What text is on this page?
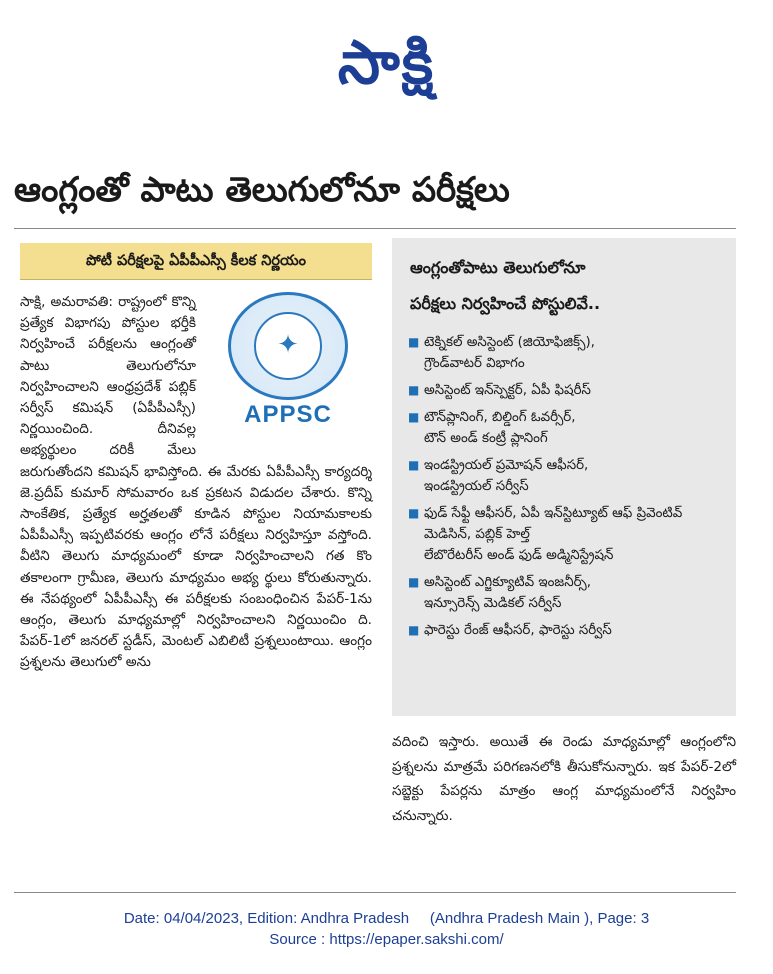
సాక్షి
ఆంగ్లంతో పాటు తెలుగులోనూ పరీక్షలు
పోటీ పరీక్షలపై ఏపీపీఎస్సీ కీలక నిర్ణయం
✦
APPSC
సాక్షి, అమరావతి: రాష్ట్రంలో కొన్ని ప్రత్యేక విభాగపు పోస్టుల భర్తీకి నిర్వహించే పరీక్షలను ఆంగ్లంతో పాటు తెలుగులోనూ నిర్వహించాలని ఆంధ్రప్రదేశ్ పబ్లిక్ సర్వీస్ కమిషన్ (ఏపీపీఎస్సీ) నిర్ణయించింది. దీనివల్ల అభ్యర్థులం దరికీ మేలు జరుగుతోందని కమిషన్ భావిస్తోంది. ఈ మేరకు ఏపీపీఎస్సీ కార్యదర్శి జె.ప్రదీప్ కుమార్ సోమవారం ఒక ప్రకటన విడుదల చేశారు. కొన్ని సాంకేతిక, ప్రత్యేక అర్హతలతో కూడిన పోస్టుల నియామకాలకు ఏపీపీఎస్సీ ఇప్పటివరకు ఆంగ్లం లోనే పరీక్షలు నిర్వహిస్తూ వస్తోంది. వీటిని తెలుగు మాధ్యమంలో కూడా నిర్వహించాలని గత కొం తకాలంగా గ్రామీణ, తెలుగు మాధ్యమం అభ్య ర్థులు కోరుతున్నారు. ఈ నేపథ్యంలో ఏపీపీఎస్సీ ఈ పరీక్షలకు సంబంధించిన పేపర్-1ను ఆంగ్లం, తెలుగు మాధ్యమాల్లో నిర్వహించాలని నిర్ణయించిం ది. పేపర్-1లో జనరల్ స్టడీస్, మెంటల్ ఎబిలిటీ ప్రశ్నలుంటాయి. ఆంగ్లం ప్రశ్నలను తెలుగులో అను
ఆంగ్లంతోపాటు తెలుగులోనూ
పరీక్షలు నిర్వహించే పోస్టులివే..
■ టెక్నికల్ అసిస్టెంట్ (జియోఫిజిక్స్),
గ్రౌండ్‌వాటర్ విభాగం
■ అసిస్టెంట్ ఇన్‌స్పెక్టర్, ఏపీ ఫిషరీస్
■ టౌన్‌ప్లానింగ్, బిల్డింగ్ ఓవర్సీర్,
టౌన్ అండ్ కంట్రీ ప్లానింగ్
■ ఇండస్ట్రియల్ ప్రమోషన్ ఆఫీసర్,
ఇండస్ట్రియల్ సర్వీస్
■ ఫుడ్ సేఫ్టీ ఆఫీసర్, ఏపీ ఇన్‌స్టిట్యూట్ ఆఫ్ ప్రివెంటివ్ మెడిసిన్, పబ్లిక్ హెల్త్
లేబొరేటరీస్ అండ్ ఫుడ్ అడ్మినిస్ట్రేషన్
■ అసిస్టెంట్ ఎగ్జిక్యూటివ్ ఇంజనీర్స్,
ఇన్సూరెన్స్ మెడికల్ సర్వీస్
■ ఫారెస్టు రేంజ్ ఆఫీసర్, ఫారెస్టు సర్వీస్
వదించి ఇస్తారు. అయితే ఈ రెండు మాధ్యమాల్లో ఆంగ్లంలోని ప్రశ్నలను మాత్రమే పరిగణనలోకి తీసుకోనున్నారు. ఇక పేపర్-2లో సబ్జెక్టు పేపర్లను మాత్రం ఆంగ్ల మాధ్యమంలోనే నిర్వహిం చనున్నారు.
Date: 04/04/2023, Edition: Andhra Pradesh     (Andhra Pradesh Main ), Page: 3
Source : https://epaper.sakshi.com/
